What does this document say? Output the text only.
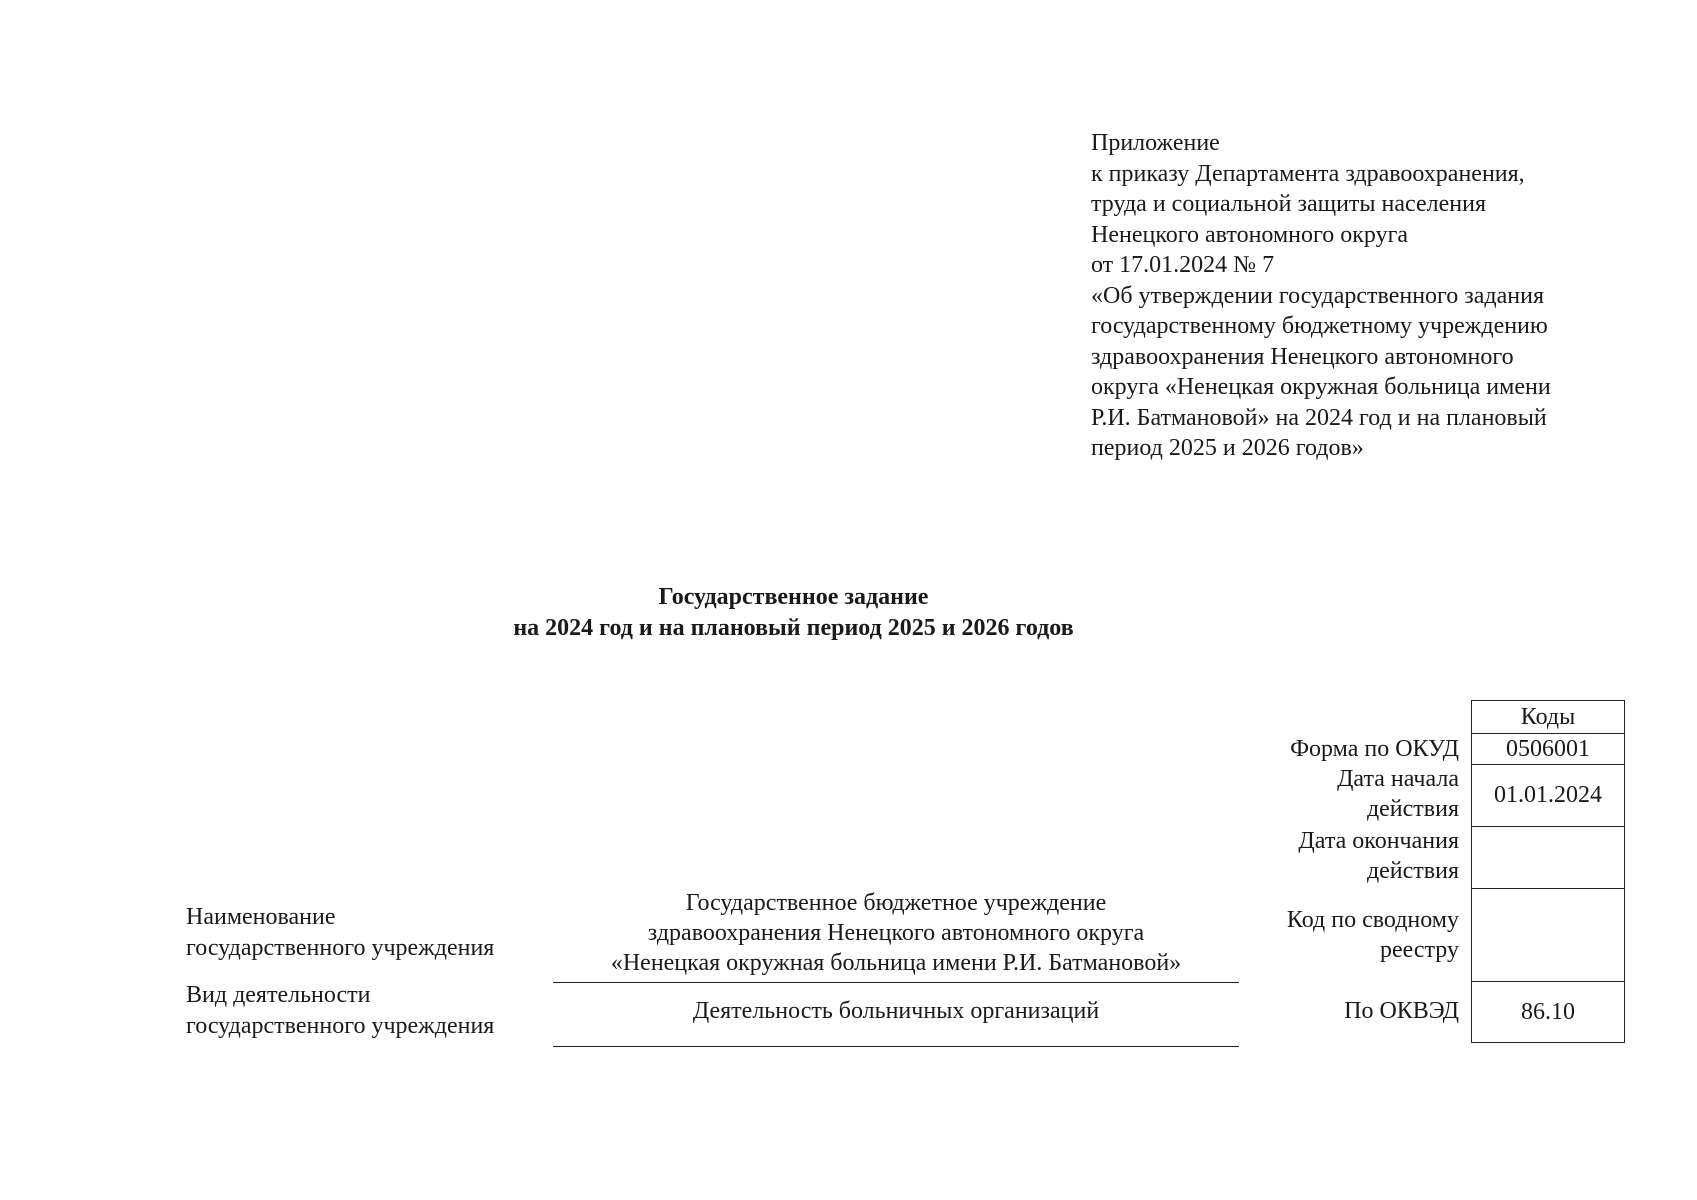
Приложение
к приказу Департамента здравоохранения,
труда и социальной защиты населения
Ненецкого автономного округа
от 17.01.2024 № 7
«Об утверждении государственного задания
государственному бюджетному учреждению
здравоохранения Ненецкого автономного
округа «Ненецкая окружная больница имени
Р.И. Батмановой» на 2024 год и на плановый
период 2025 и 2026 годов»
Государственное задание
на 2024 год и на плановый период 2025 и 2026 годов
Наименование
государственного учреждения
Вид деятельности
государственного учреждения
Государственное бюджетное учреждение
здравоохранения Ненецкого автономного округа
«Ненецкая окружная больница имени Р.И. Батмановой»
Деятельность больничных организаций
Форма по ОКУД
Дата начала
действия
Дата окончания
действия
Код по сводному
реестру
По ОКВЭД
Коды
0506001
01.01.2024
86.10
